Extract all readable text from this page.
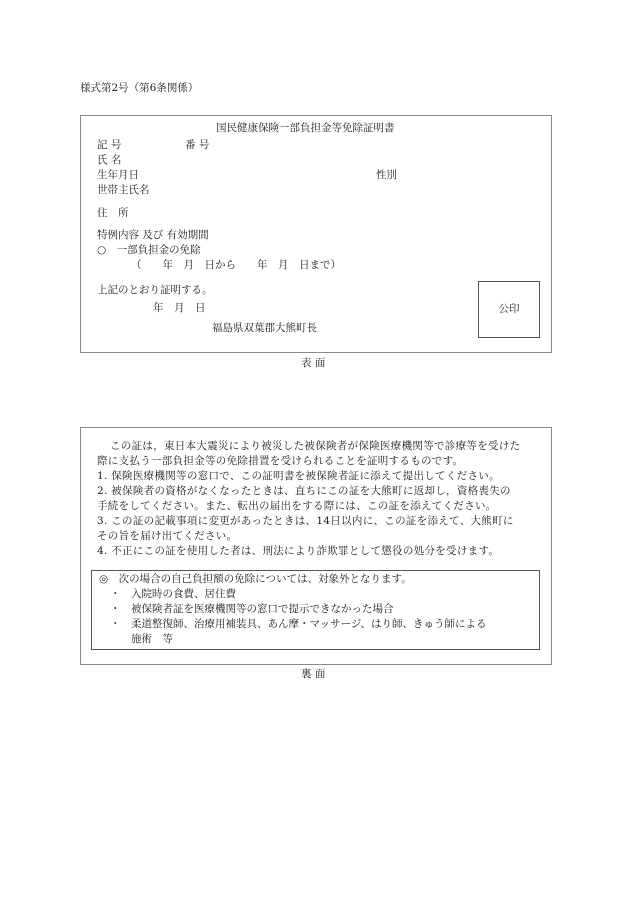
様式第2号（第6条関係）
国民健康保険一部負担金等免除証明書
記 号	番 号
氏 名
生年月日	性別
世帯主氏名
住　所
特例内容 及び 有効期間
○　一部負担金の免除
（　　年　月　日から　　年　月　日まで）
上記のとおり証明する。
年　月　日
福島県双葉郡大熊町長
公印
表 面
この証は，東日本大震災により被災した被保険者が保険医療機関等で診療等を受けた
際に支払う一部負担金等の免除措置を受けられることを証明するものです。
1. 保険医療機関等の窓口で、この証明書を被保険者証に添えて提出してください。
2. 被保険者の資格がなくなったときは、直ちにこの証を大熊町に返却し，資格喪失の
手続をしてください。また、転出の届出をする際には、この証を添えてください。
3. この証の記載事項に変更があったときは、14日以内に、この証を添えて、大熊町に
その旨を届け出てください。
4. 不正にこの証を使用した者は、刑法により詐欺罪として懲役の処分を受けます。
◎　次の場合の自己負担額の免除については、対象外となります。
・　入院時の食費、居住費
・　被保険者証を医療機関等の窓口で提示できなかった場合
・　柔道整復師、治療用補装具、あん摩・マッサージ、はり師、きゅう師による
施術　等
裏 面
